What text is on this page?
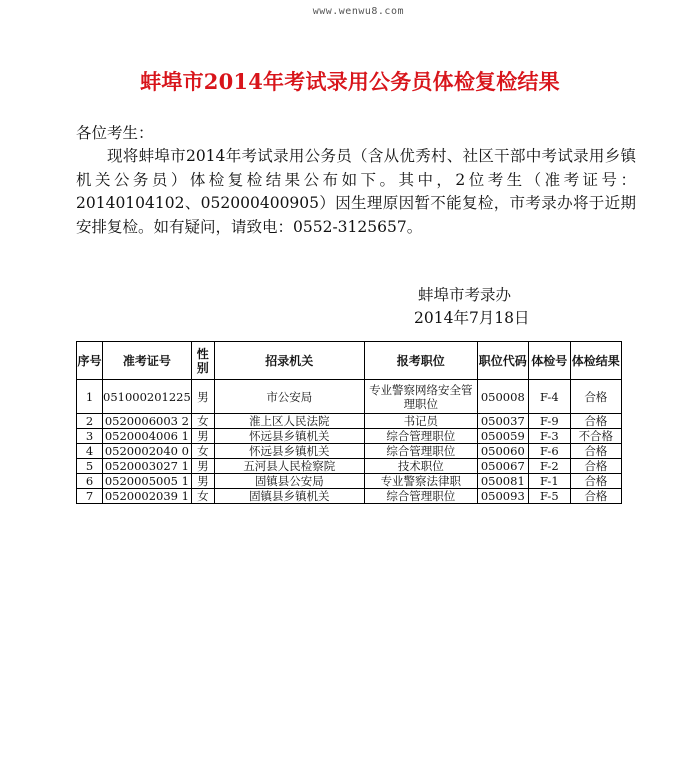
www.wenwu8.com
蚌埠市2014年考试录用公务员体检复检结果
各位考生：
现将蚌埠市2014年考试录用公务员（含从优秀村、社区干部中考试录用乡镇机关公务员）体检复检结果公布如下。其中，2位考生（准考证号：20140104102、052000400905）因生理原因暂不能复检，市考录办将于近期安排复检。如有疑问，请致电：0552-3125657。
蚌埠市考录办
2014年7月18日
序号	准考证号	性别	招录机关	报考职位	职位代码	体检号	体检结果
1	051000201225	男	市公安局	专业警察网络安全管理职位	050008	F-4	合格
2	0520006003 2	女	淮上区人民法院	书记员	050037	F-9	合格
3	0520004006 1	男	怀远县乡镇机关	综合管理职位	050059	F-3	不合格
4	0520002040 0	女	怀远县乡镇机关	综合管理职位	050060	F-6	合格
5	0520003027 1	男	五河县人民检察院	技术职位	050067	F-2	合格
6	0520005005 1	男	固镇县公安局	专业警察法律职	050081	F-1	合格
7	0520002039 1	女	固镇县乡镇机关	综合管理职位	050093	F-5	合格
